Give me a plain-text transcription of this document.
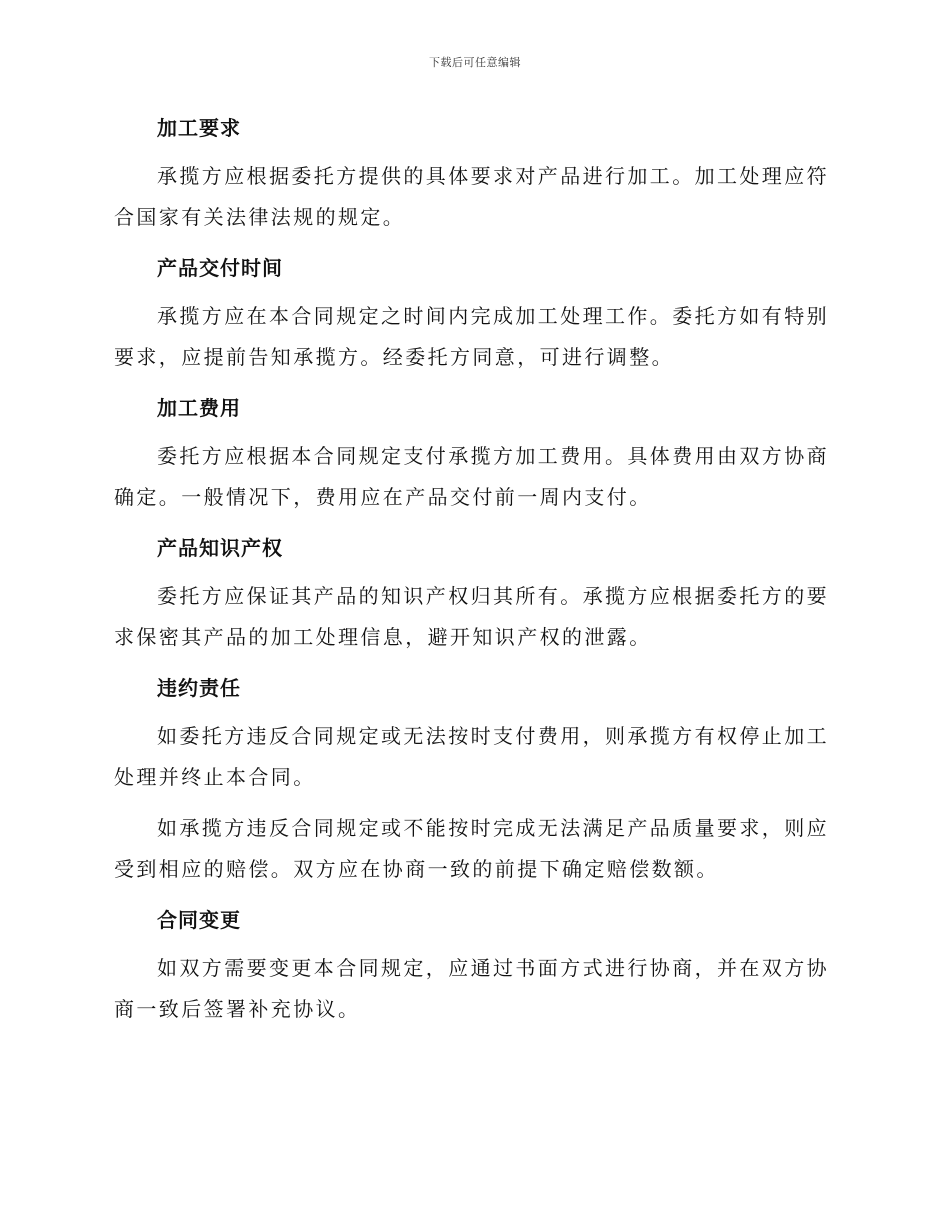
下载后可任意编辑
加工要求

承揽方应根据委托方提供的具体要求对产品进行加工。加工处理应符合国家有关法律法规的规定。

产品交付时间

承揽方应在本合同规定之时间内完成加工处理工作。委托方如有特别要求，应提前告知承揽方。经委托方同意，可进行调整。

加工费用

委托方应根据本合同规定支付承揽方加工费用。具体费用由双方协商确定。一般情况下，费用应在产品交付前一周内支付。

产品知识产权

委托方应保证其产品的知识产权归其所有。承揽方应根据委托方的要求保密其产品的加工处理信息，避开知识产权的泄露。

违约责任

如委托方违反合同规定或无法按时支付费用，则承揽方有权停止加工处理并终止本合同。

如承揽方违反合同规定或不能按时完成无法满足产品质量要求，则应受到相应的赔偿。双方应在协商一致的前提下确定赔偿数额。

合同变更

如双方需要变更本合同规定，应通过书面方式进行协商，并在双方协商一致后签署补充协议。
